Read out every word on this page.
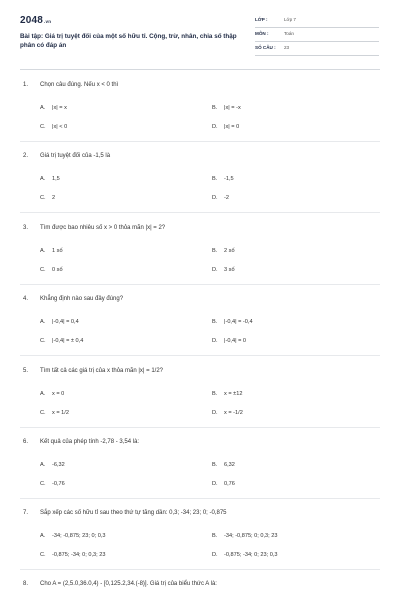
2048.vn
Bài tập: Giá trị tuyệt đối của một số hữu tỉ. Cộng, trừ, nhân, chia số thập phân có đáp án
LỚP :	Lớp 7
MÔN :	Toán
SỐ CÂU : 23
1. Chọn câu đúng. Nếu x < 0 thì
A. |x| = x	B. |x| = -x
C. |x| < 0	D. |x| = 0
2. Giá trị tuyệt đối của -1,5 là
A. 1,5	B. -1,5
C. 2	D. -2
3. Tìm được bao nhiêu số x > 0 thỏa mãn |x| = 2?
A. 1 số	B. 2 số
C. 0 số	D. 3 số
4. Khẳng định nào sau đây đúng?
A. |-0,4| = 0,4	B. |-0,4| = -0,4
C. |-0,4| = ± 0,4	D. |-0,4| = 0
5. Tìm tất cả các giá trị của x thỏa mãn |x| = 1/2?
A. x = 0	B. x = ±12
C. x = 1/2	D. x = -1/2
6. Kết quả của phép tính -2,78 - 3,54 là:
A. -6,32	B. 6,32
C. -0,76	D. 0,76
7. Sắp xếp các số hữu tỉ sau theo thứ tự tăng dần: 0,3; -34; 23; 0; -0,875
A. -34; -0,875; 23; 0; 0,3	B. -34; -0,875; 0; 0,3; 23
C. -0,875; -34; 0; 0,3; 23	D. -0,875; -34; 0; 23; 0,3
8. Cho A = (2,5.0,36.0,4) - [0,125.2,34.(-8)]. Giá trị của biểu thức A là:
